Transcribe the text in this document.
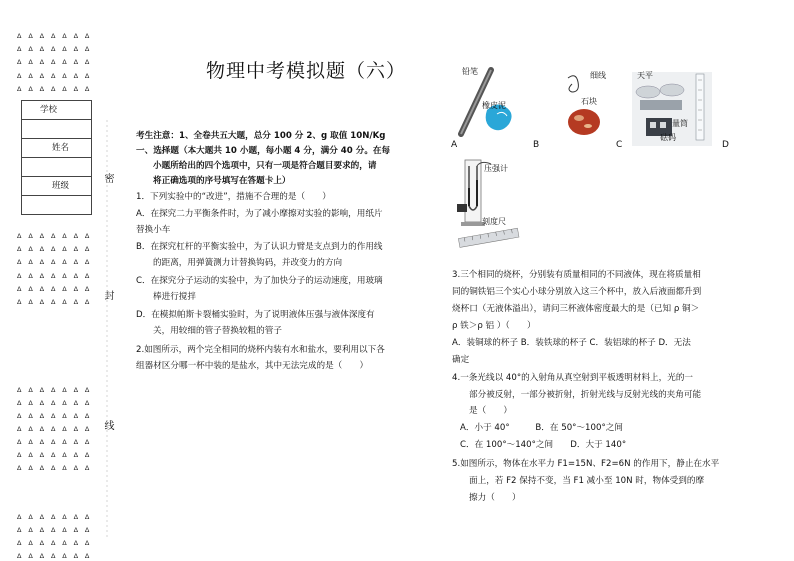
Δ Δ Δ Δ Δ Δ Δ
Δ Δ Δ Δ Δ Δ Δ
Δ Δ Δ Δ Δ Δ Δ
Δ Δ Δ Δ Δ Δ Δ
Δ Δ Δ Δ Δ Δ Δ
Δ Δ Δ Δ Δ Δ Δ
Δ Δ Δ Δ Δ Δ Δ
Δ Δ Δ Δ Δ Δ Δ
Δ Δ Δ Δ Δ Δ Δ
Δ Δ Δ Δ Δ Δ Δ
Δ Δ Δ Δ Δ Δ Δ
Δ Δ Δ Δ Δ Δ Δ
Δ Δ Δ Δ Δ Δ Δ
Δ Δ Δ Δ Δ Δ Δ
Δ Δ Δ Δ Δ Δ Δ
Δ Δ Δ Δ Δ Δ Δ
Δ Δ Δ Δ Δ Δ Δ
Δ Δ Δ Δ Δ Δ Δ
Δ Δ Δ Δ Δ Δ Δ
Δ Δ Δ Δ Δ Δ Δ
Δ Δ Δ Δ Δ Δ Δ
Δ Δ Δ Δ Δ Δ Δ
密
封
线
学校
姓名
班级
物理中考模拟题（六）
考生注意：1、全卷共五大题，总分 100 分 2、g 取值 10N/Kg
一、选择题（本大题共 10 小题，每小题 4 分，满分 40 分。在每
小题所给出的四个选项中，只有一项是符合题目要求的，请
将正确选项的序号填写在答题卡上）
1．下列实验中的“改进”，措施不合理的是（　　）
A．在探究二力平衡条件时，为了减小摩擦对实验的影响，用纸片
替换小车
B．在探究杠杆的平衡实验中，为了认识力臂是支点到力的作用线
的距离，用弹簧测力计替换钩码，并改变力的方向
C．在探究分子运动的实验中，为了加快分子的运动速度，用玻璃
棒进行搅拌
D．在模拟帕斯卡裂桶实验时，为了说明液体压强与液体深度有
关，用较细的管子替换较粗的管子
2.如图所示，两个完全相同的烧杯内装有水和盐水，要利用以下各
组器材区分哪一杯中装的是盐水，其中无法完成的是（　　）
铅笔
橡皮泥
A
细线
石块
B
天平
量筒
砝码
C	D
压强计
刻度尺
3.三个相同的烧杯，分别装有质量相同的不同液体，现在将质量相
同的铜铁铝三个实心小球分别放入这三个杯中，放入后液面都升到
烧杯口（无液体溢出），请问三杯液体密度最大的是（已知 ρ 铜＞
ρ 铁＞ρ 铝 ）（　　）
A．装铜球的杯子 B．装铁球的杯子 C．装铝球的杯子 D．无法
确定
4.一条光线以 40°的入射角从真空射到平板透明材料上，光的一
部分被反射，一部分被折射，折射光线与反射光线的夹角可能
是（　　）
A．小于 40°　　　B．在 50°～100°之间
C．在 100°～140°之间　　D．大于 140°
5.如图所示，物体在水平力 F1=15N、F2=6N 的作用下，静止在水平
面上，若 F2 保持不变，当 F1 减小至 10N 时，物体受到的摩
擦力（　　）
